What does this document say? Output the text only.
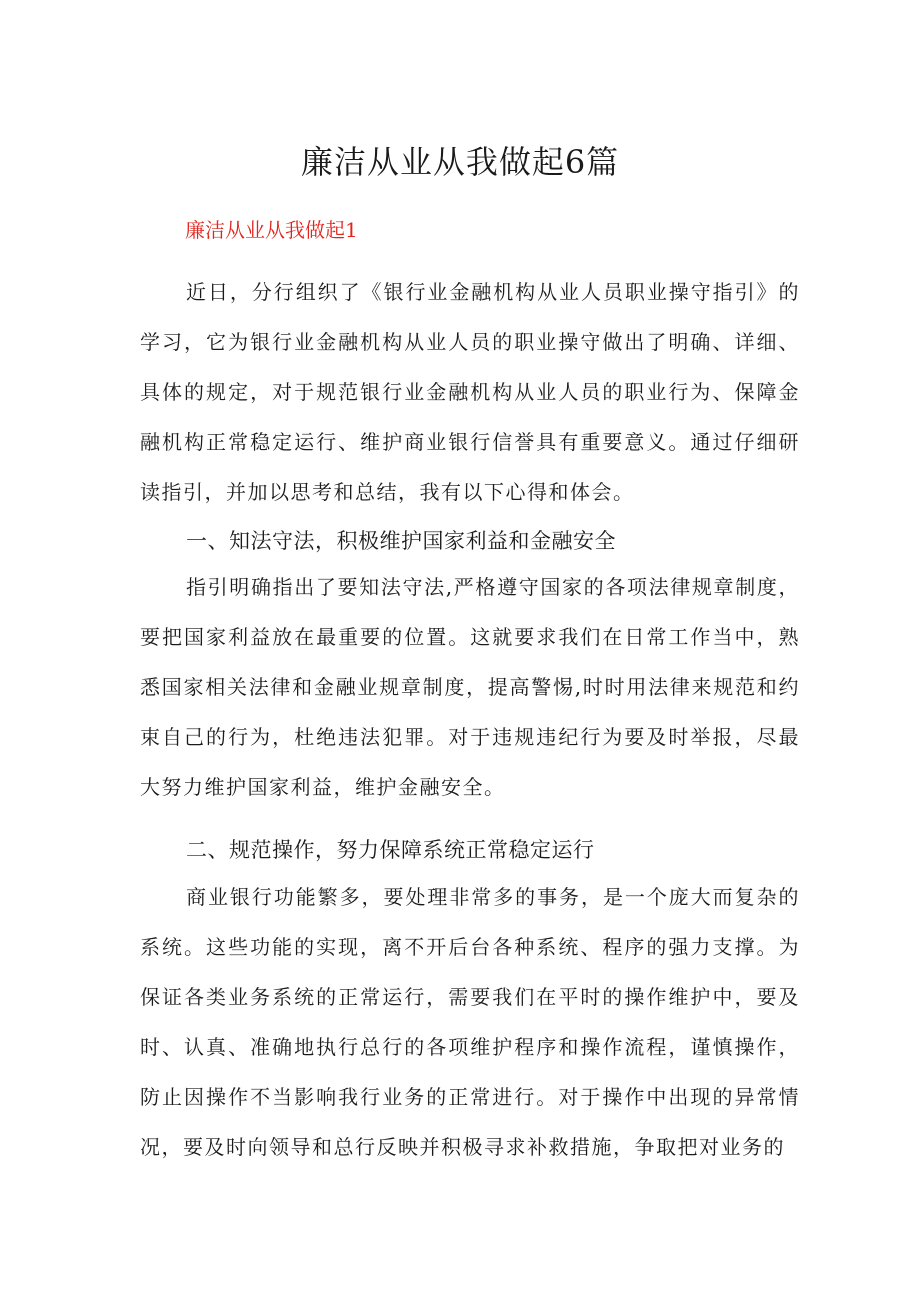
廉洁从业从我做起6篇
廉洁从业从我做起1

近日，分行组织了《银行业金融机构从业人员职业操守指引》的学习，它为银行业金融机构从业人员的职业操守做出了明确、详细、具体的规定，对于规范银行业金融机构从业人员的职业行为、保障金融机构正常稳定运行、维护商业银行信誉具有重要意义。通过仔细研读指引，并加以思考和总结，我有以下心得和体会。

一、知法守法，积极维护国家利益和金融安全

指引明确指出了要知法守法,严格遵守国家的各项法律规章制度，要把国家利益放在最重要的位置。这就要求我们在日常工作当中，熟悉国家相关法律和金融业规章制度，提高警惕,时时用法律来规范和约束自己的行为，杜绝违法犯罪。对于违规违纪行为要及时举报，尽最大努力维护国家利益，维护金融安全。

二、规范操作，努力保障系统正常稳定运行

商业银行功能繁多，要处理非常多的事务，是一个庞大而复杂的系统。这些功能的实现，离不开后台各种系统、程序的强力支撑。为保证各类业务系统的正常运行，需要我们在平时的操作维护中，要及时、认真、准确地执行总行的各项维护程序和操作流程，谨慎操作，防止因操作不当影响我行业务的正常进行。对于操作中出现的异常情况，要及时向领导和总行反映并积极寻求补救措施，争取把对业务的
